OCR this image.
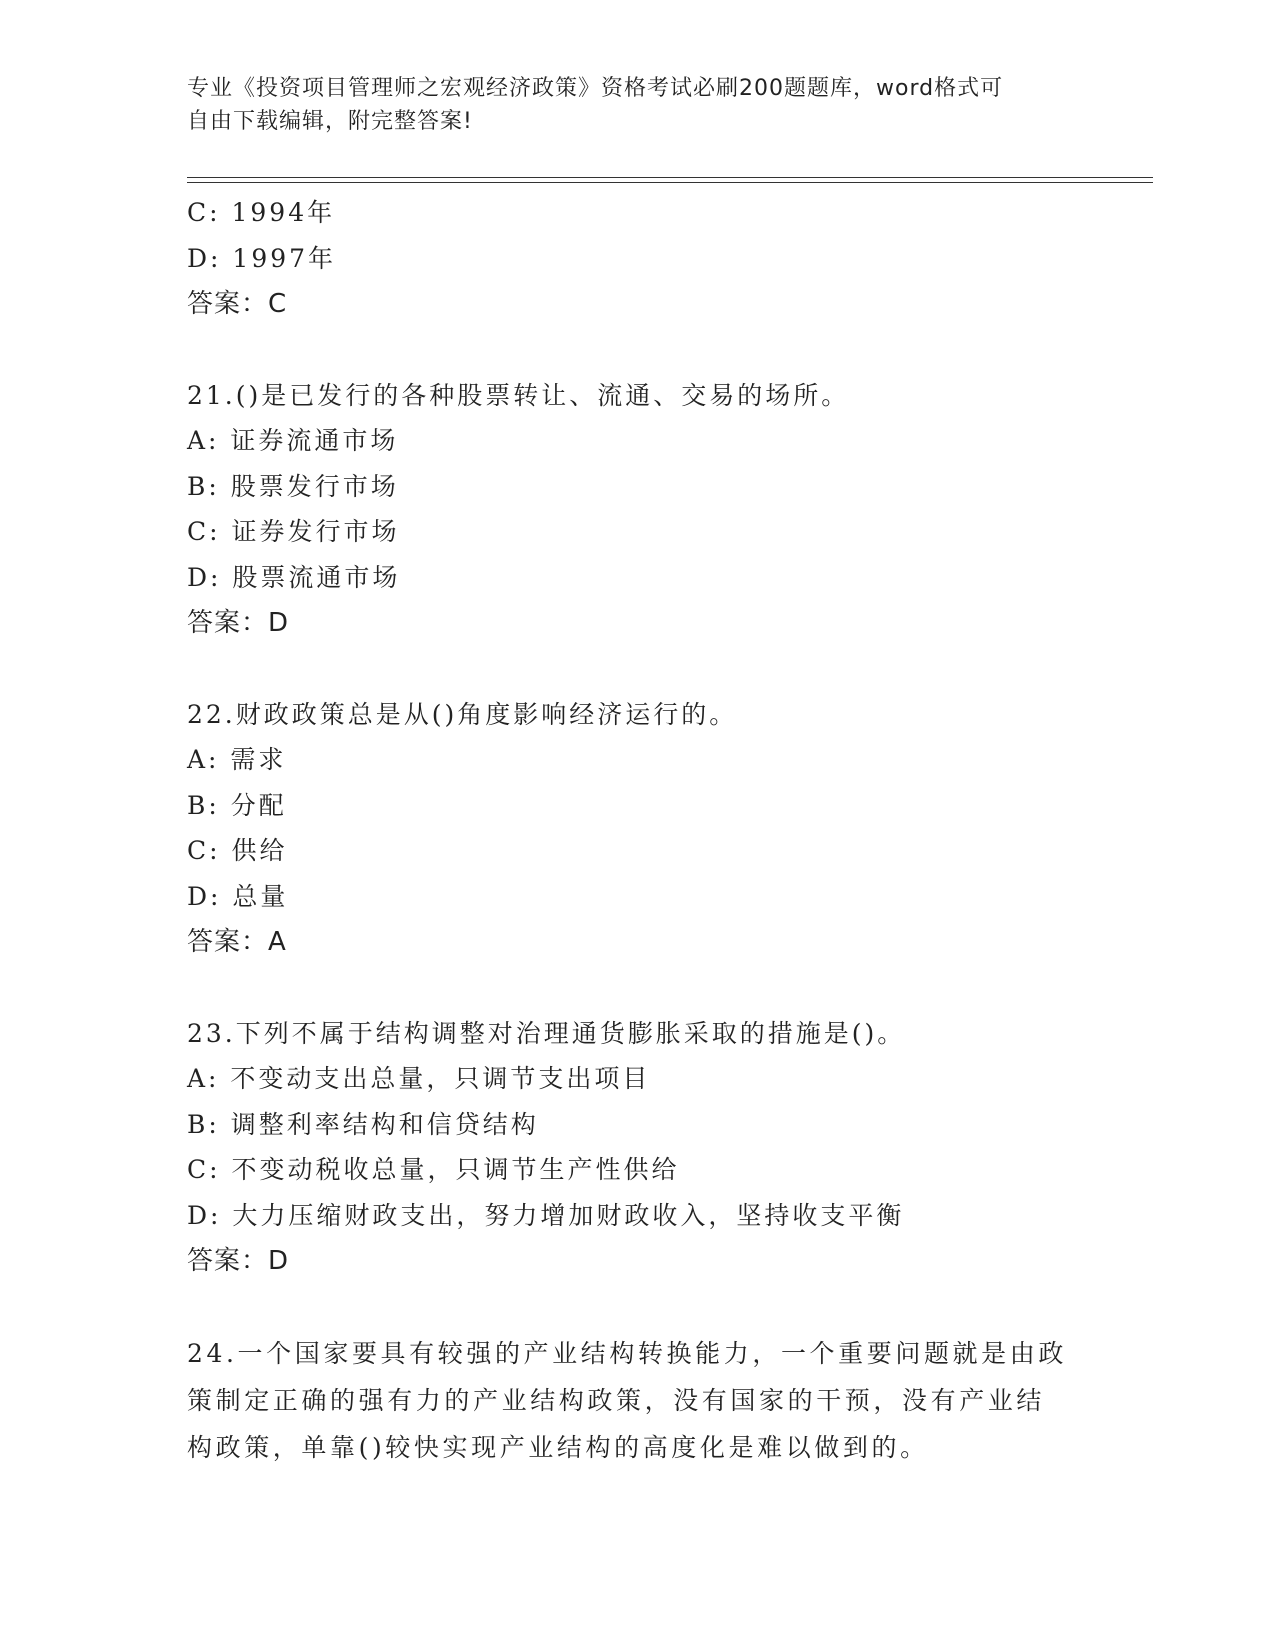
专业《投资项目管理师之宏观经济政策》资格考试必刷200题题库，word格式可
自由下载编辑，附完整答案!
C: 1994年
D: 1997年
答案：C
21.()是已发行的各种股票转让、流通、交易的场所。
A: 证券流通市场
B: 股票发行市场
C: 证券发行市场
D: 股票流通市场
答案：D
22.财政政策总是从()角度影响经济运行的。
A: 需求
B: 分配
C: 供给
D: 总量
答案：A
23.下列不属于结构调整对治理通货膨胀采取的措施是()。
A: 不变动支出总量，只调节支出项目
B: 调整利率结构和信贷结构
C: 不变动税收总量，只调节生产性供给
D: 大力压缩财政支出，努力增加财政收入，坚持收支平衡
答案：D
24.一个国家要具有较强的产业结构转换能力，一个重要问题就是由政
策制定正确的强有力的产业结构政策，没有国家的干预，没有产业结
构政策，单靠()较快实现产业结构的高度化是难以做到的。
